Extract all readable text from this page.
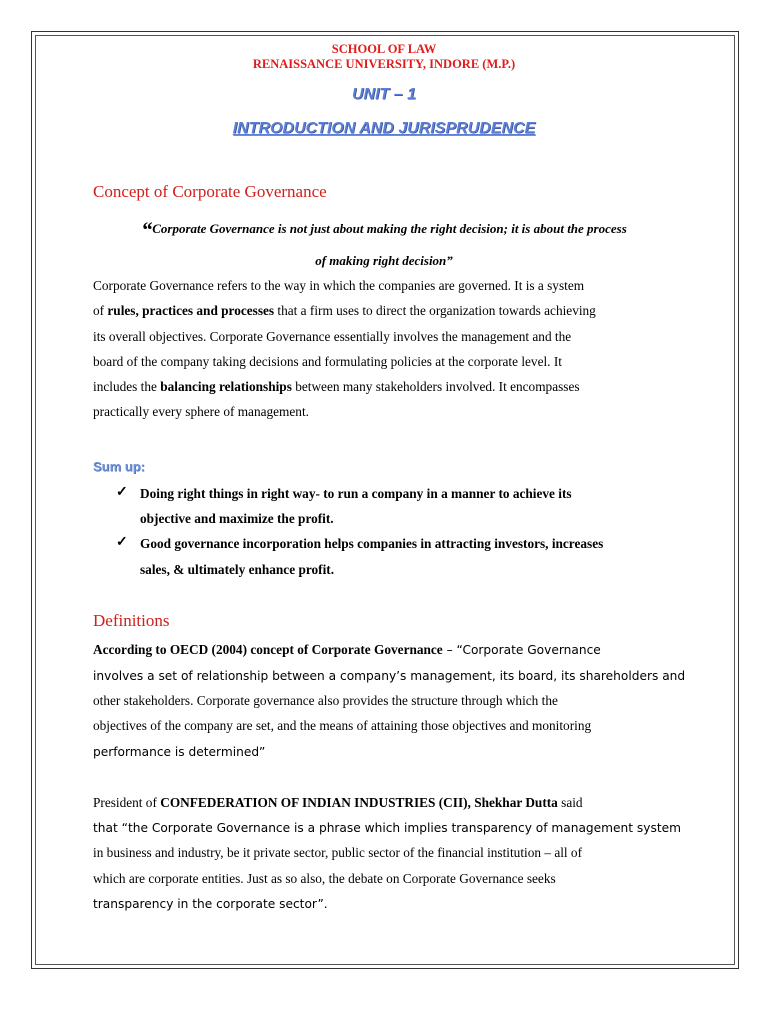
SCHOOL OF LAW
RENAISSANCE UNIVERSITY, INDORE (M.P.)
UNIT – 1
INTRODUCTION AND JURISPRUDENCE
Concept of Corporate Governance
“Corporate Governance is not just about making the right decision; it is about the process
of making right decision”
Corporate Governance refers to the way in which the companies are governed. It is a system
of rules, practices and processes that a firm uses to direct the organization towards achieving
its overall objectives. Corporate Governance essentially involves the management and the
board of the company taking decisions and formulating policies at the corporate level. It
includes the balancing relationships between many stakeholders involved. It encompasses
practically every sphere of management.
Sum up:
✓ Doing right things in right way- to run a company in a manner to achieve its
objective and maximize the profit.
✓ Good governance incorporation helps companies in attracting investors, increases
sales, & ultimately enhance profit.
Definitions
According to OECD (2004) concept of Corporate Governance – “Corporate Governance
involves a set of relationship between a company’s management, its board, its shareholders and
other stakeholders. Corporate governance also provides the structure through which the
objectives of the company are set, and the means of attaining those objectives and monitoring
performance is determined”
President of CONFEDERATION OF INDIAN INDUSTRIES (CII), Shekhar Dutta said
that “the Corporate Governance is a phrase which implies transparency of management system
in business and industry, be it private sector, public sector of the financial institution – all of
which are corporate entities. Just as so also, the debate on Corporate Governance seeks
transparency in the corporate sector”.
